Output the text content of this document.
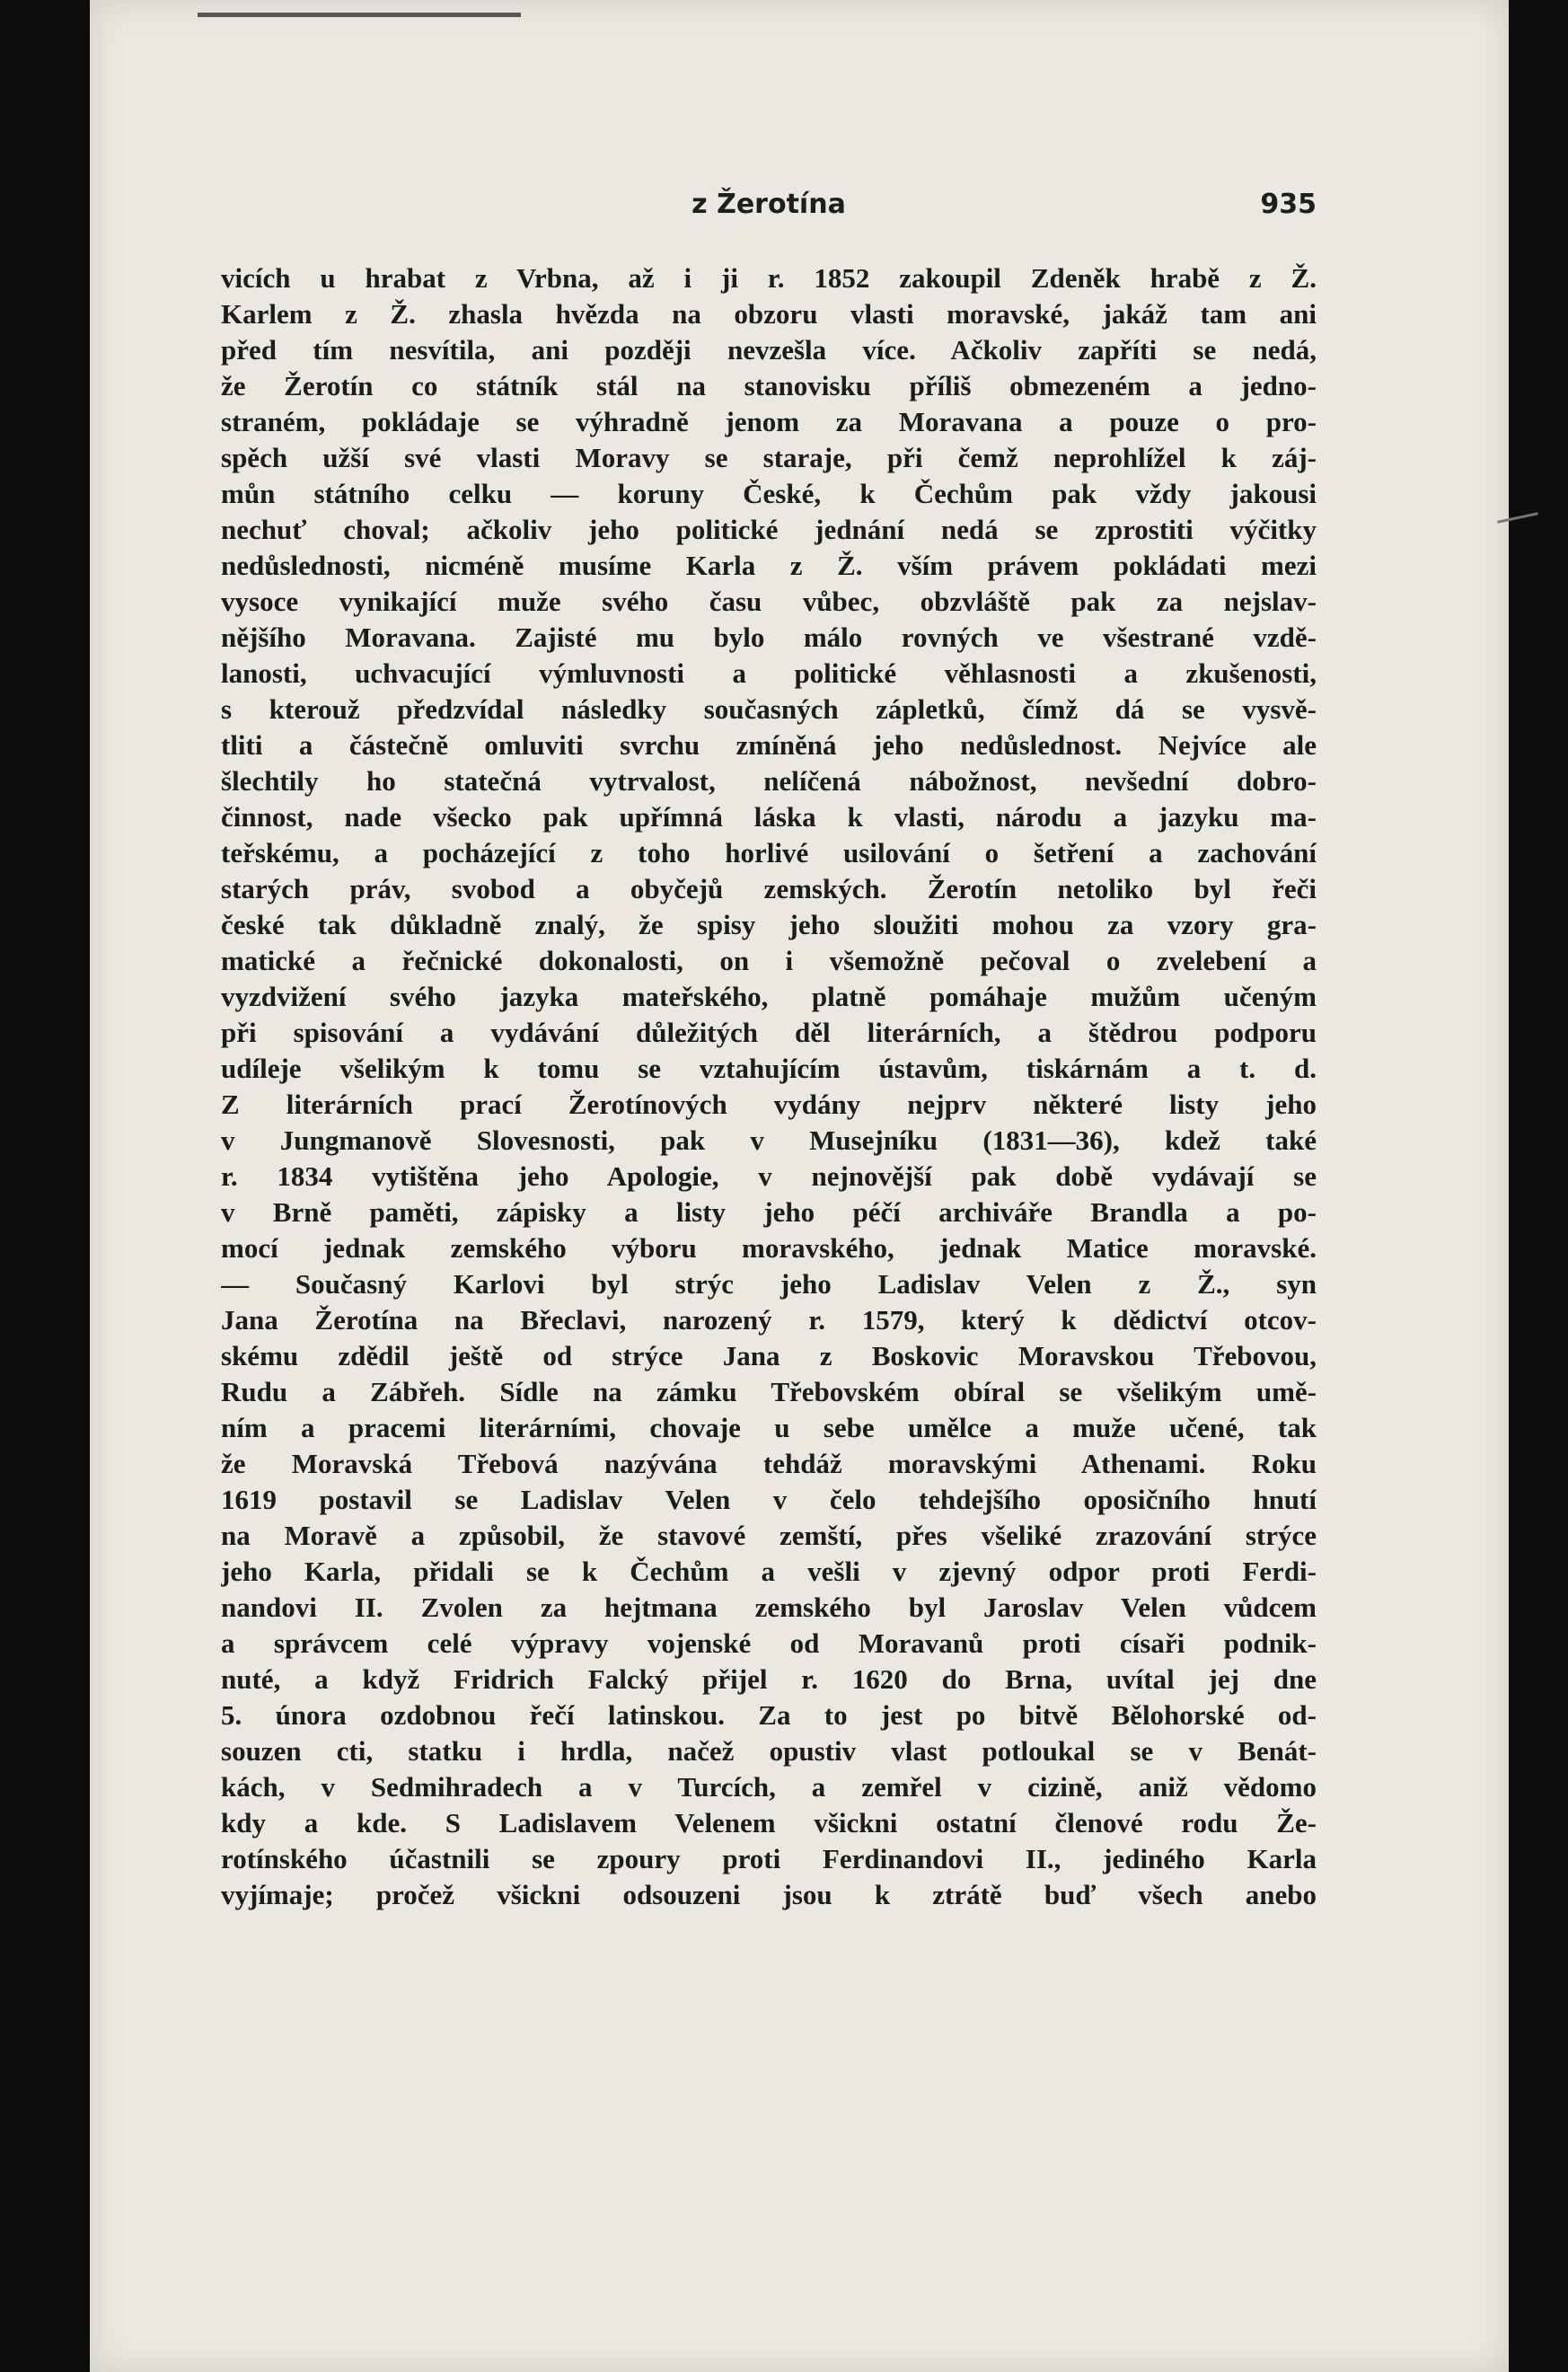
z Žerotína	935
vicích u hrabat z Vrbna, až i ji r. 1852 zakoupil Zdeněk hrabě z Ž.
Karlem z Ž. zhasla hvězda na obzoru vlasti moravské, jakáž tam ani
před tím nesvítila, ani později nevzešla více. Ačkoliv zapříti se nedá,
že Žerotín co státník stál na stanovisku příliš obmezeném a jedno-
straném, pokládaje se výhradně jenom za Moravana a pouze o pro-
spěch užší své vlasti Moravy se staraje, při čemž neprohlížel k záj-
můn státního celku — koruny České, k Čechům pak vždy jakousi
nechuť choval; ačkoliv jeho politické jednání nedá se zprostiti výčitky
nedůslednosti, nicméně musíme Karla z Ž. vším právem pokládati mezi
vysoce vynikající muže svého času vůbec, obzvláště pak za nejslav-
nějšího Moravana. Zajisté mu bylo málo rovných ve všestrané vzdě-
lanosti, uchvacující výmluvnosti a politické věhlasnosti a zkušenosti,
s kterouž předzvídal následky současných zápletků, čímž dá se vysvě-
tliti a částečně omluviti svrchu zmíněná jeho nedůslednost. Nejvíce ale
šlechtily ho statečná vytrvalost, nelíčená nábožnost, nevšední dobro-
činnost, nade všecko pak upřímná láska k vlasti, národu a jazyku ma-
teřskému, a pocházející z toho horlivé usilování o šetření a zachování
starých práv, svobod a obyčejů zemských. Žerotín netoliko byl řeči
české tak důkladně znalý, že spisy jeho sloužiti mohou za vzory gra-
matické a řečnické dokonalosti, on i všemožně pečoval o zvelebení a
vyzdvižení svého jazyka mateřského, platně pomáhaje mužům učeným
při spisování a vydávání důležitých děl literárních, a štědrou podporu
udíleje všelikým k tomu se vztahujícím ústavům, tiskárnám a t. d.
Z literárních prací Žerotínových vydány nejprv některé listy jeho
v Jungmanově Slovesnosti, pak v Musejníku (1831—36), kdež také
r. 1834 vytištěna jeho Apologie, v nejnovější pak době vydávají se
v Brně paměti, zápisky a listy jeho péčí archiváře Brandla a po-
mocí jednak zemského výboru moravského, jednak Matice moravské.
— Současný Karlovi byl strýc jeho Ladislav Velen z Ž., syn
Jana Žerotína na Břeclavi, narozený r. 1579, který k dědictví otcov-
skému zdědil ještě od strýce Jana z Boskovic Moravskou Třebovou,
Rudu a Zábřeh. Sídle na zámku Třebovském obíral se všelikým umě-
ním a pracemi literárními, chovaje u sebe umělce a muže učené, tak
že Moravská Třebová nazývána tehdáž moravskými Athenami. Roku
1619 postavil se Ladislav Velen v čelo tehdejšího oposičního hnutí
na Moravě a způsobil, že stavové zemští, přes všeliké zrazování strýce
jeho Karla, přidali se k Čechům a vešli v zjevný odpor proti Ferdi-
nandovi II. Zvolen za hejtmana zemského byl Jaroslav Velen vůdcem
a správcem celé výpravy vojenské od Moravanů proti císaři podnik-
nuté, a když Fridrich Falcký přijel r. 1620 do Brna, uvítal jej dne
5. února ozdobnou řečí latinskou. Za to jest po bitvě Bělohorské od-
souzen cti, statku i hrdla, načež opustiv vlast potloukal se v Benát-
kách, v Sedmihradech a v Turcích, a zemřel v cizině, aniž vědomo
kdy a kde. S Ladislavem Velenem všickni ostatní členové rodu Že-
rotínského účastnili se zpoury proti Ferdinandovi II., jediného Karla
vyjímaje; pročež všickni odsouzeni jsou k ztrátě buď všech anebo
